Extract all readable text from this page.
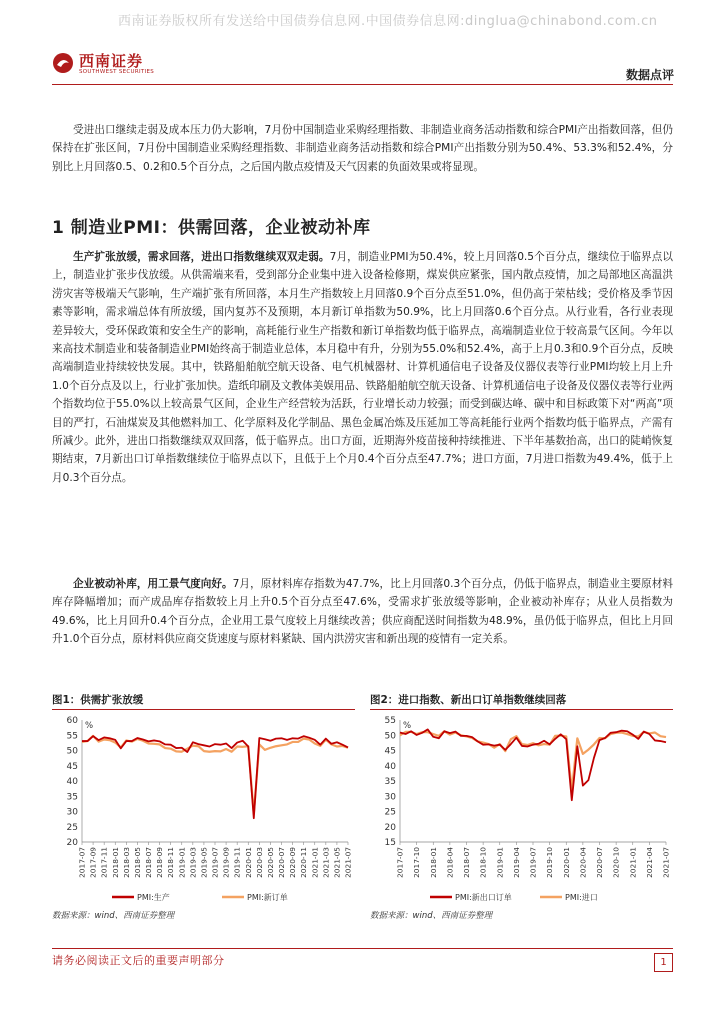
西南证券版权所有发送给中国债券信息网.中国债券信息网:dinglua@chinabond.com.cn
西南证券
SOUTHWEST SECURITIES	数据点评

受进出口继续走弱及成本压力仍大影响，7月份中国制造业采购经理指数、非制造业商务活动指数和综合PMI产出指数回落，但仍保持在扩张区间，7月份中国制造业采购经理指数、非制造业商务活动指数和综合PMI产出指数分别为50.4%、53.3%和52.4%，分别比上月回落0.5、0.2和0.5个百分点，之后国内散点疫情及天气因素的负面效果或将显现。

1 制造业PMI：供需回落，企业被动补库

生产扩张放缓，需求回落，进出口指数继续双双走弱。7月，制造业PMI为50.4%，较上月回落0.5个百分点，继续位于临界点以上，制造业扩张步伐放缓。从供需端来看，受到部分企业集中进入设备检修期，煤炭供应紧张，国内散点疫情，加之局部地区高温洪涝灾害等极端天气影响，生产端扩张有所回落，本月生产指数较上月回落0.9个百分点至51.0%，但仍高于荣枯线；受价格及季节因素等影响，需求端总体有所放缓，国内复苏不及预期，本月新订单指数为50.9%，比上月回落0.6个百分点。从行业看，各行业表现差异较大，受环保政策和安全生产的影响，高耗能行业生产指数和新订单指数均低于临界点，高端制造业位于较高景气区间。今年以来高技术制造业和装备制造业PMI始终高于制造业总体，本月稳中有升，分别为55.0%和52.4%，高于上月0.3和0.9个百分点，反映高端制造业持续较快发展。其中，铁路船舶航空航天设备、电气机械器材、计算机通信电子设备及仪器仪表等行业PMI均较上月上升1.0个百分点及以上，行业扩张加快。造纸印刷及文教体美娱用品、铁路船舶航空航天设备、计算机通信电子设备及仪器仪表等行业两个指数均位于55.0%以上较高景气区间，企业生产经营较为活跃，行业增长动力较强；而受到碳达峰、碳中和目标政策下对“两高”项目的严打，石油煤炭及其他燃料加工、化学原料及化学制品、黑色金属冶炼及压延加工等高耗能行业两个指数均低于临界点，产需有所减少。此外，进出口指数继续双双回落，低于临界点。出口方面，近期海外疫苗接种持续推进、下半年基数抬高，出口的陡峭恢复期结束，7月新出口订单指数继续位于临界点以下，且低于上个月0.4个百分点至47.7%；进口方面，7月进口指数为49.4%，低于上月0.3个百分点。

企业被动补库，用工景气度向好。7月，原材料库存指数为47.7%，比上月回落0.3个百分点，仍低于临界点，制造业主要原材料库存降幅增加；而产成品库存指数较上月上升0.5个百分点至47.6%，受需求扩张放缓等影响，企业被动补库存；从业人员指数为49.6%，比上月回升0.4个百分点，企业用工景气度较上月继续改善；供应商配送时间指数为48.9%，虽仍低于临界点，但比上月回升1.0个百分点，原材料供应商交货速度与原材料紧缺、国内洪涝灾害和新出现的疫情有一定关系。

图1：供需扩张放缓
%
60
55
50
45
40
35
30
25
20
2017-07 2017-09 2017-11 2018-01 2018-03 2018-05 2018-07 2018-09 2018-11 2019-01 2019-03 2019-05 2019-07 2019-09 2019-11 2020-01 2020-03 2020-05 2020-07 2020-09 2020-11 2021-01 2021-03 2021-05 2021-07
PMI:生产	PMI:新订单
数据来源：wind、西南证券整理
图2：进口指数、新出口订单指数继续回落
%
55
50
45
40
35
30
25
20
15
2017-07 2017-10 2018-01 2018-04 2018-07 2018-10 2019-01 2019-04 2019-07 2019-10 2020-01 2020-04 2020-07 2020-10 2021-01 2021-04 2021-07
PMI:新出口订单	PMI:进口
数据来源：wind、西南证券整理
请务必阅读正文后的重要声明部分	1
